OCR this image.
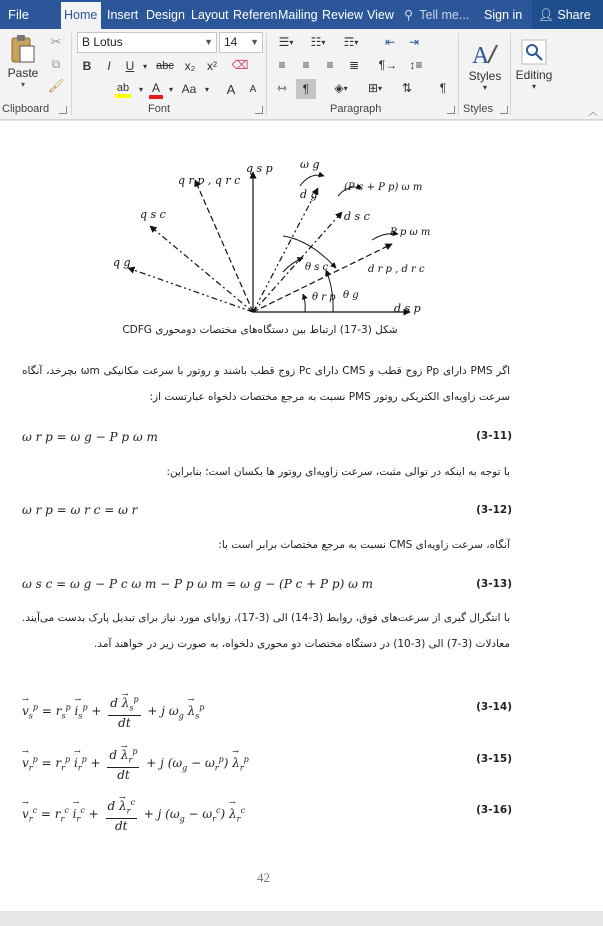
File	Home Insert Design Layout Referen Mailing Review View ⚲ Tell me... Sign in	👤︎ Share
Paste
▾
✂
⧉
🖌︎
Clipboard
B Lotus	▼ 14 ▼
B	I	U	▾ abc x₂ x²	⌫
ab	▾ A	▾ Aa	▾	A	A
Font
☰ ▾ ☷ ▾ ☶ ▾ ⇤ ⇥
≡ ≡ ≡ ≣ ¶→ ↕≡
⇿ ¶ ◈ ▾ ⊞ ▾ ⇅ ¶
Paragraph
A
Styles
▾
Styles
Editing
▾
︿
q r p , q r c
q s p ω g
d g
(P c + P p) ω m
d s c
q s c
P p ω m
q g	θ s c	d r p , d r c
θ r p θ g
d s p
شکل (3-17) ارتباط بین دستگاه‌های مختصات دومحوری CDFG
اگر PMS دارای Pp زوج قطب و CMS دارای Pc زوج قطب باشند و روتور با سرعت مکانیکی ωm بچرخد، آنگاه سرعت زاویه‌ای الکتریکی روتور PMS نسبت به مرجع مختصات دلخواه عبارتست از:
ω r p = ω g − P p ω m	(3-11)
با توجه به اینکه در توالی مثبت، سرعت زاویه‌ای روتور ها یکسان است؛ بنابراین:
ω r p = ω r c = ω r	(3-12)
آنگاه، سرعت زاویه‌ای CMS نسبت به مرجع مختصات برابر است با:
ω s c = ω g − P c ω m − P p ω m = ω g − (P c + P p) ω m	(3-13)
با انتگرال گیری از سرعت‌های فوق، روابط (3-14) الی (3-17)، زوایای مورد نیاز برای تبدیل پارک بدست می‌آیند. معادلات (3-7) الی (3-10) در دستگاه مختصات دو محوری دلخواه، به صورت زیر در خواهند آمد.
→ $v_s^p = r_s^p \to i_s^p + \frac{d \to \lambda_s^p}{dt} + j$ $\omega_g \to \lambda_s^p$	(3-14)
→ $v_r^p = r_r^p \to i_r^p + \frac{d \to \lambda_r^p}{dt} + j$ $(\omega_g - \omega_r^p) \to \lambda_r^p$	(3-15)
→ $v_r^c = r_r^c \to i_r^c + \frac{d \to \lambda_r^c}{dt} + j$ $(\omega_g - \omega_r^c) \to \lambda_r^c$	(3-16)
42
